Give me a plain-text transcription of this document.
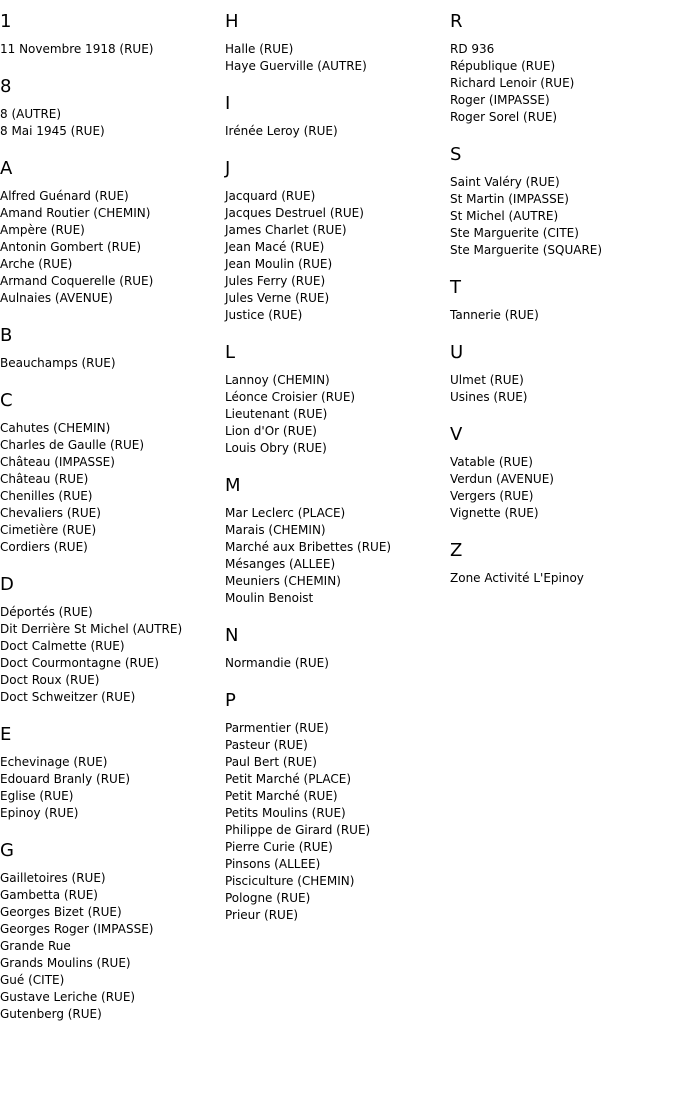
1
11 Novembre 1918 (RUE)
8
8 (AUTRE)
8 Mai 1945 (RUE)
A
Alfred Guénard (RUE)
Amand Routier (CHEMIN)
Ampère (RUE)
Antonin Gombert (RUE)
Arche (RUE)
Armand Coquerelle (RUE)
Aulnaies (AVENUE)
B
Beauchamps (RUE)
C
Cahutes (CHEMIN)
Charles de Gaulle (RUE)
Château (IMPASSE)
Château (RUE)
Chenilles (RUE)
Chevaliers (RUE)
Cimetière (RUE)
Cordiers (RUE)
D
Déportés (RUE)
Dit Derrière St Michel (AUTRE)
Doct Calmette (RUE)
Doct Courmontagne (RUE)
Doct Roux (RUE)
Doct Schweitzer (RUE)
E
Echevinage (RUE)
Edouard Branly (RUE)
Eglise (RUE)
Epinoy (RUE)
G
Gailletoires (RUE)
Gambetta (RUE)
Georges Bizet (RUE)
Georges Roger (IMPASSE)
Grande Rue
Grands Moulins (RUE)
Gué (CITE)
Gustave Leriche (RUE)
Gutenberg (RUE)
H
Halle (RUE)
Haye Guerville (AUTRE)
I
Irénée Leroy (RUE)
J
Jacquard (RUE)
Jacques Destruel (RUE)
James Charlet (RUE)
Jean Macé (RUE)
Jean Moulin (RUE)
Jules Ferry (RUE)
Jules Verne (RUE)
Justice (RUE)
L
Lannoy (CHEMIN)
Léonce Croisier (RUE)
Lieutenant (RUE)
Lion d'Or (RUE)
Louis Obry (RUE)
M
Mar Leclerc (PLACE)
Marais (CHEMIN)
Marché aux Bribettes (RUE)
Mésanges (ALLEE)
Meuniers (CHEMIN)
Moulin Benoist
N
Normandie (RUE)
P
Parmentier (RUE)
Pasteur (RUE)
Paul Bert (RUE)
Petit Marché (PLACE)
Petit Marché (RUE)
Petits Moulins (RUE)
Philippe de Girard (RUE)
Pierre Curie (RUE)
Pinsons (ALLEE)
Pisciculture (CHEMIN)
Pologne (RUE)
Prieur (RUE)
R
RD 936
République (RUE)
Richard Lenoir (RUE)
Roger (IMPASSE)
Roger Sorel (RUE)
S
Saint Valéry (RUE)
St Martin (IMPASSE)
St Michel (AUTRE)
Ste Marguerite (CITE)
Ste Marguerite (SQUARE)
T
Tannerie (RUE)
U
Ulmet (RUE)
Usines (RUE)
V
Vatable (RUE)
Verdun (AVENUE)
Vergers (RUE)
Vignette (RUE)
Z
Zone Activité L'Epinoy
